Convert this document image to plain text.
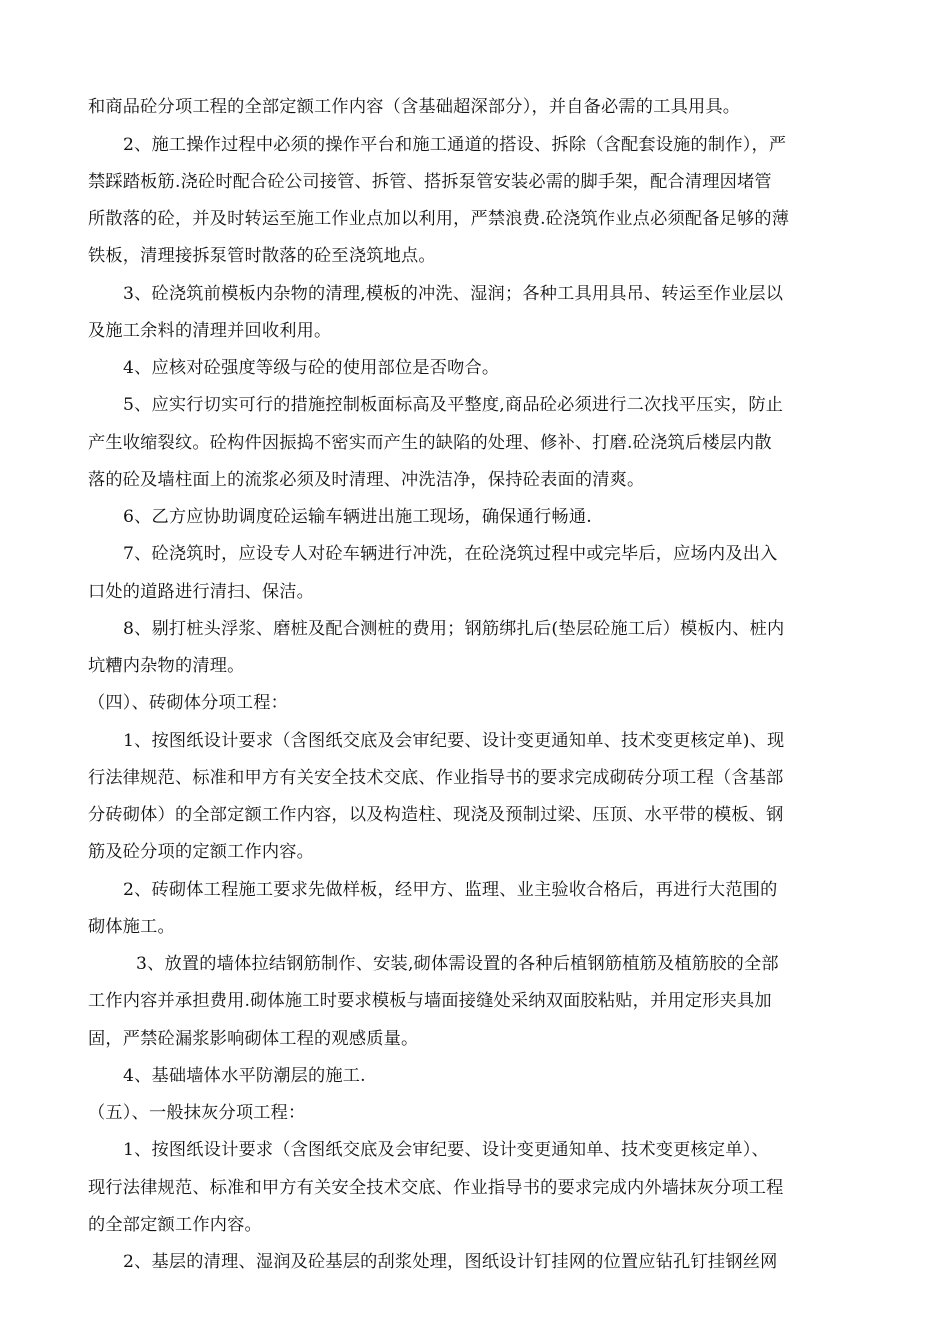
和商品砼分项工程的全部定额工作内容（含基础超深部分），并自备必需的工具用具。
2、施工操作过程中必须的操作平台和施工通道的搭设、拆除（含配套设施的制作），严
禁踩踏板筋.浇砼时配合砼公司接管、拆管、搭拆泵管安装必需的脚手架，配合清理因堵管
所散落的砼，并及时转运至施工作业点加以利用，严禁浪费.砼浇筑作业点必须配备足够的薄
铁板，清理接拆泵管时散落的砼至浇筑地点。
3、砼浇筑前模板内杂物的清理,模板的冲洗、湿润；各种工具用具吊、转运至作业层以
及施工余料的清理并回收利用。
4、应核对砼强度等级与砼的使用部位是否吻合。
5、应实行切实可行的措施控制板面标高及平整度,商品砼必须进行二次找平压实，防止
产生收缩裂纹。砼构件因振捣不密实而产生的缺陷的处理、修补、打磨.砼浇筑后楼层内散
落的砼及墙柱面上的流浆必须及时清理、冲洗洁净，保持砼表面的清爽。
6、乙方应协助调度砼运输车辆进出施工现场，确保通行畅通.
7、砼浇筑时，应设专人对砼车辆进行冲洗，在砼浇筑过程中或完毕后，应场内及出入
口处的道路进行清扫、保洁。
8、剔打桩头浮浆、磨桩及配合测桩的费用；钢筋绑扎后(垫层砼施工后）模板内、桩内
坑糟内杂物的清理。
（四）、砖砌体分项工程：
1、按图纸设计要求（含图纸交底及会审纪要、设计变更通知单、技术变更核定单)、现
行法律规范、标准和甲方有关安全技术交底、作业指导书的要求完成砌砖分项工程（含基部
分砖砌体）的全部定额工作内容，以及构造柱、现浇及预制过梁、压顶、水平带的模板、钢
筋及砼分项的定额工作内容。
2、砖砌体工程施工要求先做样板，经甲方、监理、业主验收合格后，再进行大范围的
砌体施工。
3、放置的墙体拉结钢筋制作、安装,砌体需设置的各种后植钢筋植筋及植筋胶的全部
工作内容并承担费用.砌体施工时要求模板与墙面接缝处采纳双面胶粘贴，并用定形夹具加
固，严禁砼漏浆影响砌体工程的观感质量。
4、基础墙体水平防潮层的施工.
（五）、一般抹灰分项工程：
1、按图纸设计要求（含图纸交底及会审纪要、设计变更通知单、技术变更核定单）、
现行法律规范、标准和甲方有关安全技术交底、作业指导书的要求完成内外墙抹灰分项工程
的全部定额工作内容。
2、基层的清理、湿润及砼基层的刮浆处理，图纸设计钉挂网的位置应钻孔钉挂钢丝网
